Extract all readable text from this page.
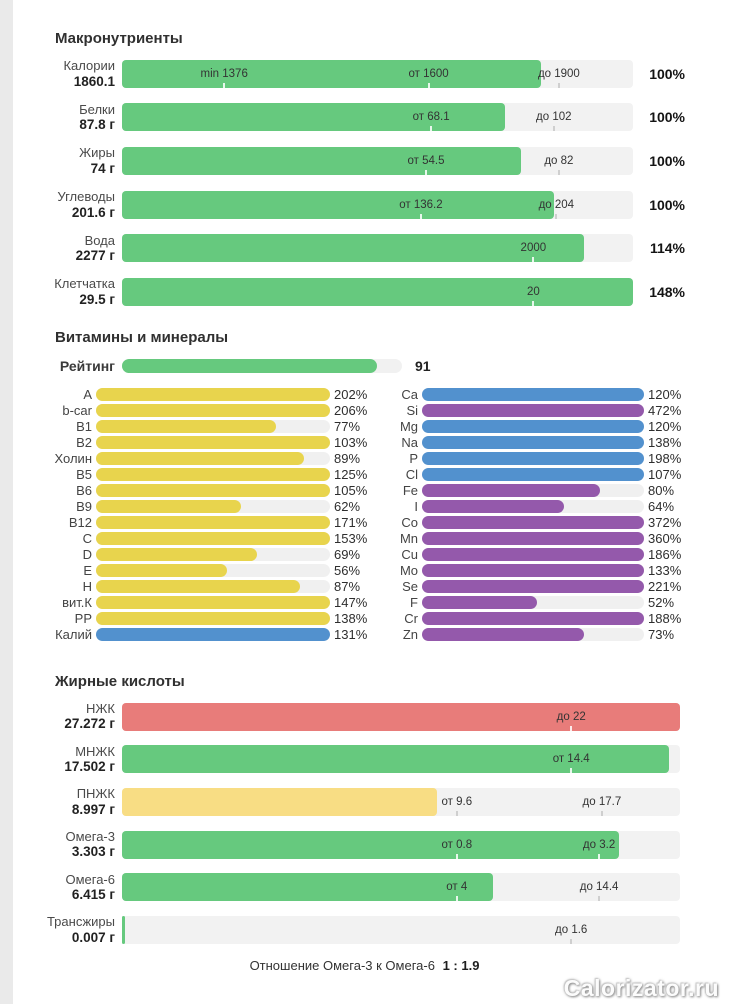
Макронутриенты
Калории
1860.1	min 1376	от 1600	до 1900	100%
Белки
87.8 г	от 68.1	до 102	100%
Жиры
74 г	от 54.5	до 82	100%
Углеводы
201.6 г	от 136.2	до 204	100%
Вода
2277 г	2000	114%
Клетчатка
29.5 г	20	148%
Витамины и минералы
Рейтинг	91
A	202%	Ca	120%
b-car	206%	Si	472%
B1	77%	Mg	120%
B2	103%	Na	138%
Холин	89%	P	198%
B5	125%	Cl	107%
B6	105%	Fe	80%
B9	62%	I	64%
B12	171%	Co	372%
C	153%	Mn	360%
D	69%	Cu	186%
E	56%	Mo	133%
H	87%	Se	221%
вит.К	147%	F	52%
PP	138%	Cr	188%
Калий	131%	Zn	73%
Жирные кислоты
НЖК
27.272 г	до 22
МНЖК
17.502 г	от 14.4
ПНЖК
8.997 г	от 9.6	до 17.7
Омега-3
3.303 г	от 0.8	до 3.2
Омега-6
6.415 г	от 4	до 14.4
Трансжиры
0.007 г	до 1.6
Отношение Омега-3 к Омега-6 1 : 1.9
Calorizator.ru
